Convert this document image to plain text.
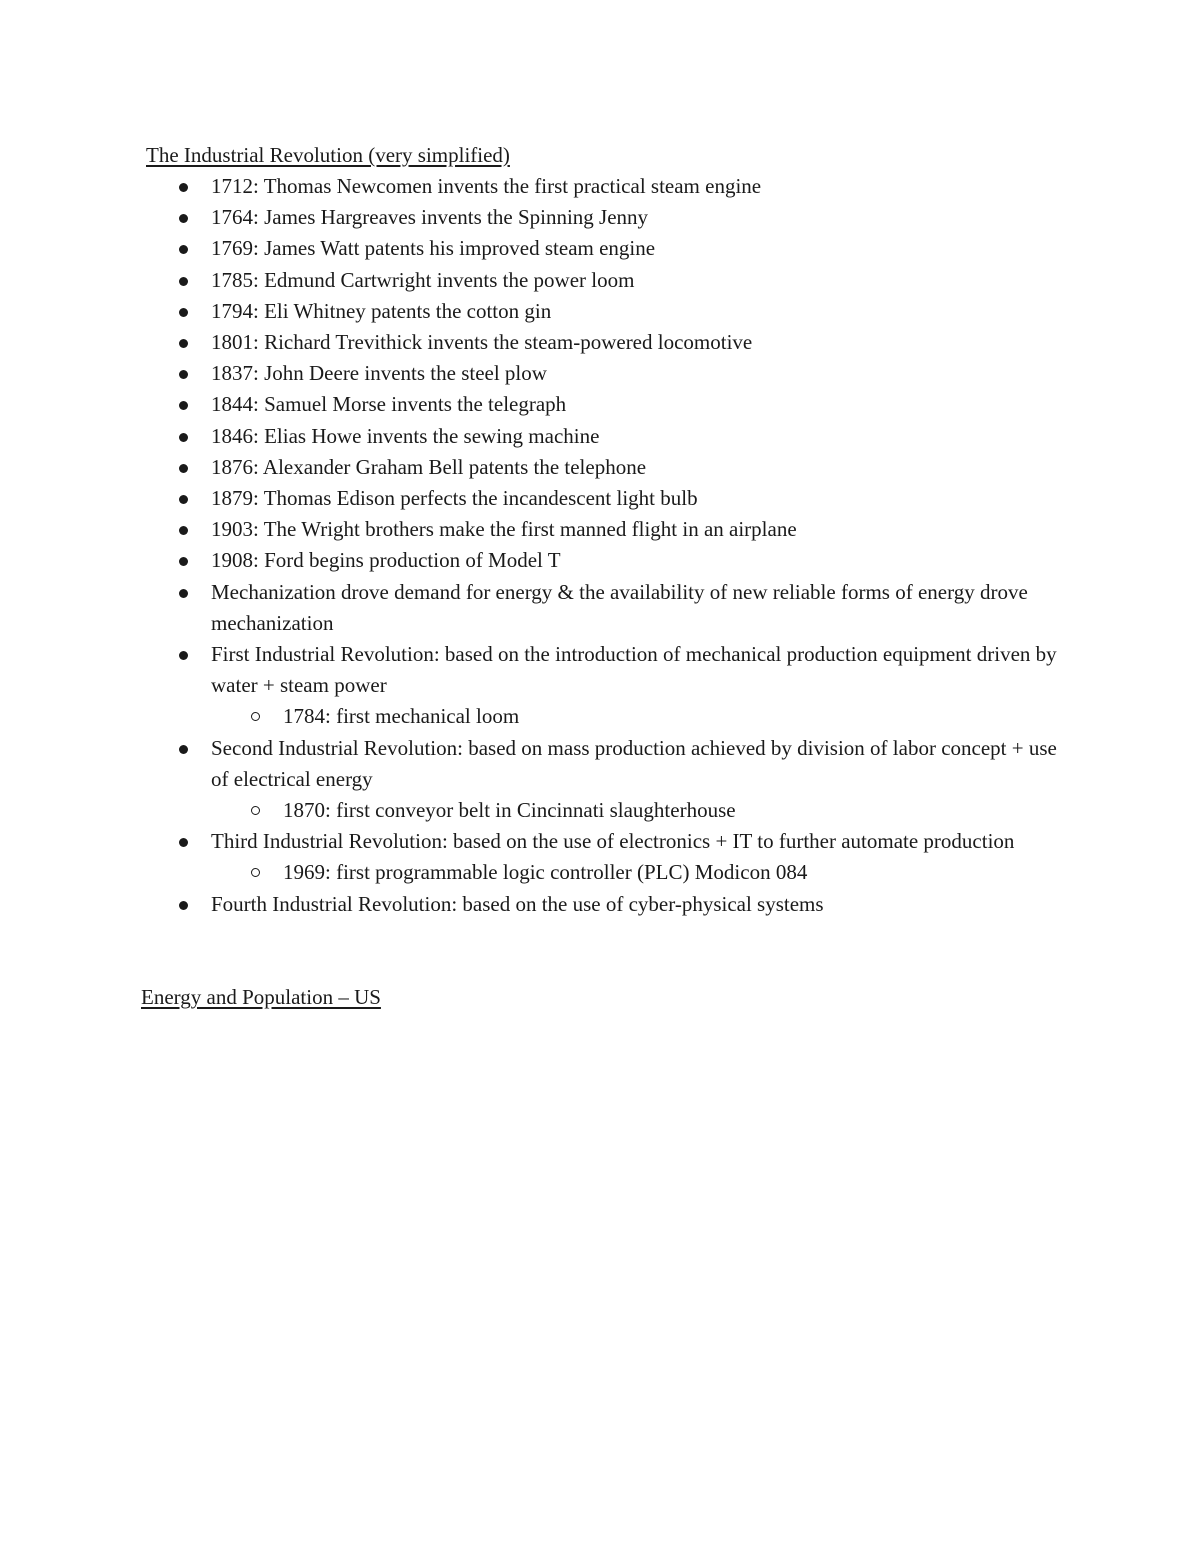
The Industrial Revolution (very simplified)
1712: Thomas Newcomen invents the first practical steam engine
1764: James Hargreaves invents the Spinning Jenny
1769: James Watt patents his improved steam engine
1785: Edmund Cartwright invents the power loom
1794: Eli Whitney patents the cotton gin
1801: Richard Trevithick invents the steam-powered locomotive
1837: John Deere invents the steel plow
1844: Samuel Morse invents the telegraph
1846: Elias Howe invents the sewing machine
1876: Alexander Graham Bell patents the telephone
1879: Thomas Edison perfects the incandescent light bulb
1903: The Wright brothers make the first manned flight in an airplane
1908: Ford begins production of Model T
Mechanization drove demand for energy & the availability of new reliable forms of energy drove mechanization
First Industrial Revolution: based on the introduction of mechanical production equipment driven by water + steam power
1784: first mechanical loom
Second Industrial Revolution: based on mass production achieved by division of labor concept + use of electrical energy
1870: first conveyor belt in Cincinnati slaughterhouse
Third Industrial Revolution: based on the use of electronics + IT to further automate production
1969: first programmable logic controller (PLC) Modicon 084
Fourth Industrial Revolution: based on the use of cyber-physical systems
Energy and Population – US
